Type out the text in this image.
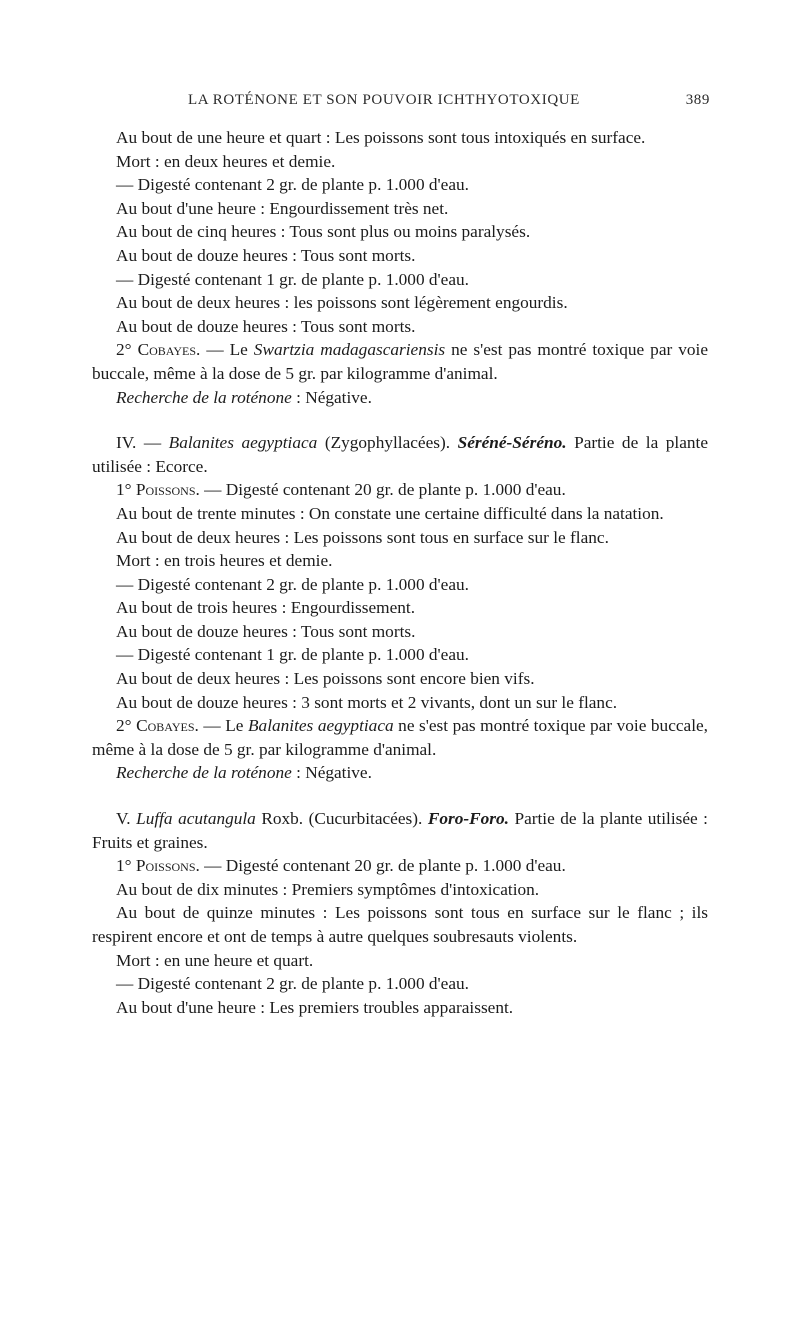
LA ROTÉNONE ET SON POUVOIR ICHTHYOTOXIQUE	389

Au bout de une heure et quart : Les poissons sont tous intoxiqués en surface.

Mort : en deux heures et demie.

— Digesté contenant 2 gr. de plante p. 1.000 d'eau.

Au bout d'une heure : Engourdissement très net.

Au bout de cinq heures : Tous sont plus ou moins paralysés.

Au bout de douze heures : Tous sont morts.

— Digesté contenant 1 gr. de plante p. 1.000 d'eau.

Au bout de deux heures : les poissons sont légèrement engourdis.

Au bout de douze heures : Tous sont morts.

2° Cobayes. — Le Swartzia madagascariensis ne s'est pas montré toxique par voie buccale, même à la dose de 5 gr. par kilogramme d'animal.

Recherche de la roténone : Négative.

IV. — Balanites aegyptiaca (Zygophyllacées). Séréné-Séréno. Partie de la plante utilisée : Ecorce.

1° Poissons. — Digesté contenant 20 gr. de plante p. 1.000 d'eau.

Au bout de trente minutes : On constate une certaine difficulté dans la natation.

Au bout de deux heures : Les poissons sont tous en surface sur le flanc.

Mort : en trois heures et demie.

— Digesté contenant 2 gr. de plante p. 1.000 d'eau.

Au bout de trois heures : Engourdissement.

Au bout de douze heures : Tous sont morts.

— Digesté contenant 1 gr. de plante p. 1.000 d'eau.

Au bout de deux heures : Les poissons sont encore bien vifs.

Au bout de douze heures : 3 sont morts et 2 vivants, dont un sur le flanc.

2° Cobayes. — Le Balanites aegyptiaca ne s'est pas montré toxique par voie buccale, même à la dose de 5 gr. par kilogramme d'animal.

Recherche de la roténone : Négative.

V. Luffa acutangula Roxb. (Cucurbitacées). Foro-Foro. Partie de la plante utilisée : Fruits et graines.

1° Poissons. — Digesté contenant 20 gr. de plante p. 1.000 d'eau.

Au bout de dix minutes : Premiers symptômes d'intoxication.

Au bout de quinze minutes : Les poissons sont tous en surface sur le flanc ; ils respirent encore et ont de temps à autre quelques soubresauts violents.

Mort : en une heure et quart.

— Digesté contenant 2 gr. de plante p. 1.000 d'eau.

Au bout d'une heure : Les premiers troubles apparaissent.
